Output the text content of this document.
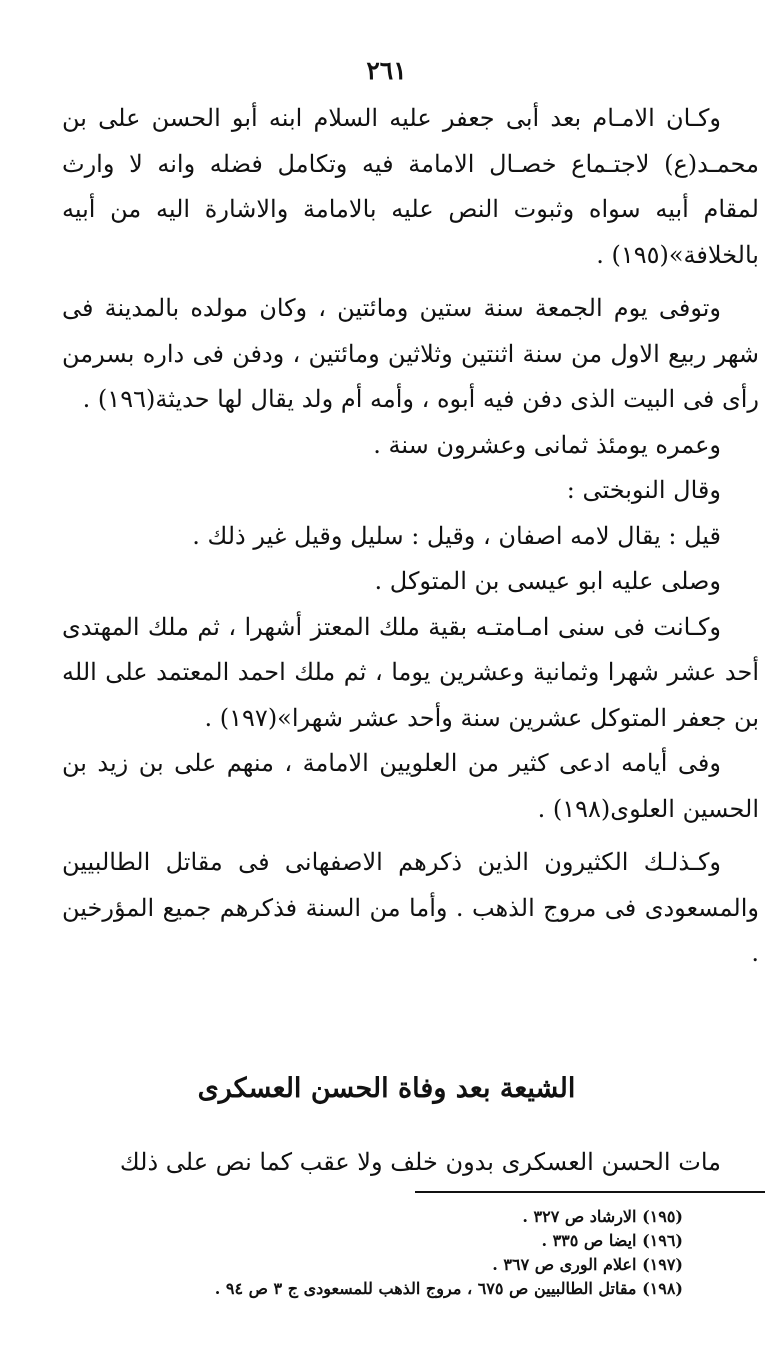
٢٦١

وكـان الامـام بعد أبى جعفر عليه السلام ابنه أبو الحسن على بن محمـد(ع) لاجتـماع خصـال الامامة فيه وتكامل فضله وانه لا وارث لمقام أبيه سواه وثبوت النص عليه بالامامة والاشارة اليه من أبيه بالخلافة»(١٩٥) .

وتوفى يوم الجمعة سنة ستين ومائتين ، وكان مولده بالمدينة فى شهر ربيع الاول من سنة اثنتين وثلاثين ومائتين ، ودفن فى داره بسرمن رأى فى البيت الذى دفن فيه أبوه ، وأمه أم ولد يقال لها حديثة(١٩٦) .

وعمره يومئذ ثمانى وعشرون سنة .

وقال النوبختى :

قيل : يقال لامه اصفان ، وقيل : سليل وقيل غير ذلك .

وصلى عليه ابو عيسى بن المتوكل .

وكـانت فى سنى امـامتـه بقية ملك المعتز أشهرا ، ثم ملك المهتدى أحد عشر شهرا وثمانية وعشرين يوما ، ثم ملك احمد المعتمد على الله بن جعفر المتوكل عشرين سنة وأحد عشر شهرا»(١٩٧) .

وفى أيامه ادعى كثير من العلويين الامامة ، منهم على بن زيد بن الحسين العلوى(١٩٨) .

وكـذلـك الكثيرون الذين ذكرهم الاصفهانى فى مقاتل الطالبيين والمسعودى فى مروج الذهب . وأما من السنة فذكرهم جميع المؤرخين .

الشيعة بعد وفاة الحسن العسكرى
مات الحسن العسكرى بدون خلف ولا عقب كما نص على ذلك

(١٩٥) الارشاد ص ٣٢٧ .

(١٩٦) ايضا ص ٣٣٥ .

(١٩٧) اعلام الورى ص ٣٦٧ .

(١٩٨) مقاتل الطالبيين ص ٦٧٥ ، مروج الذهب للمسعودى ج ٣ ص ٩٤ .
